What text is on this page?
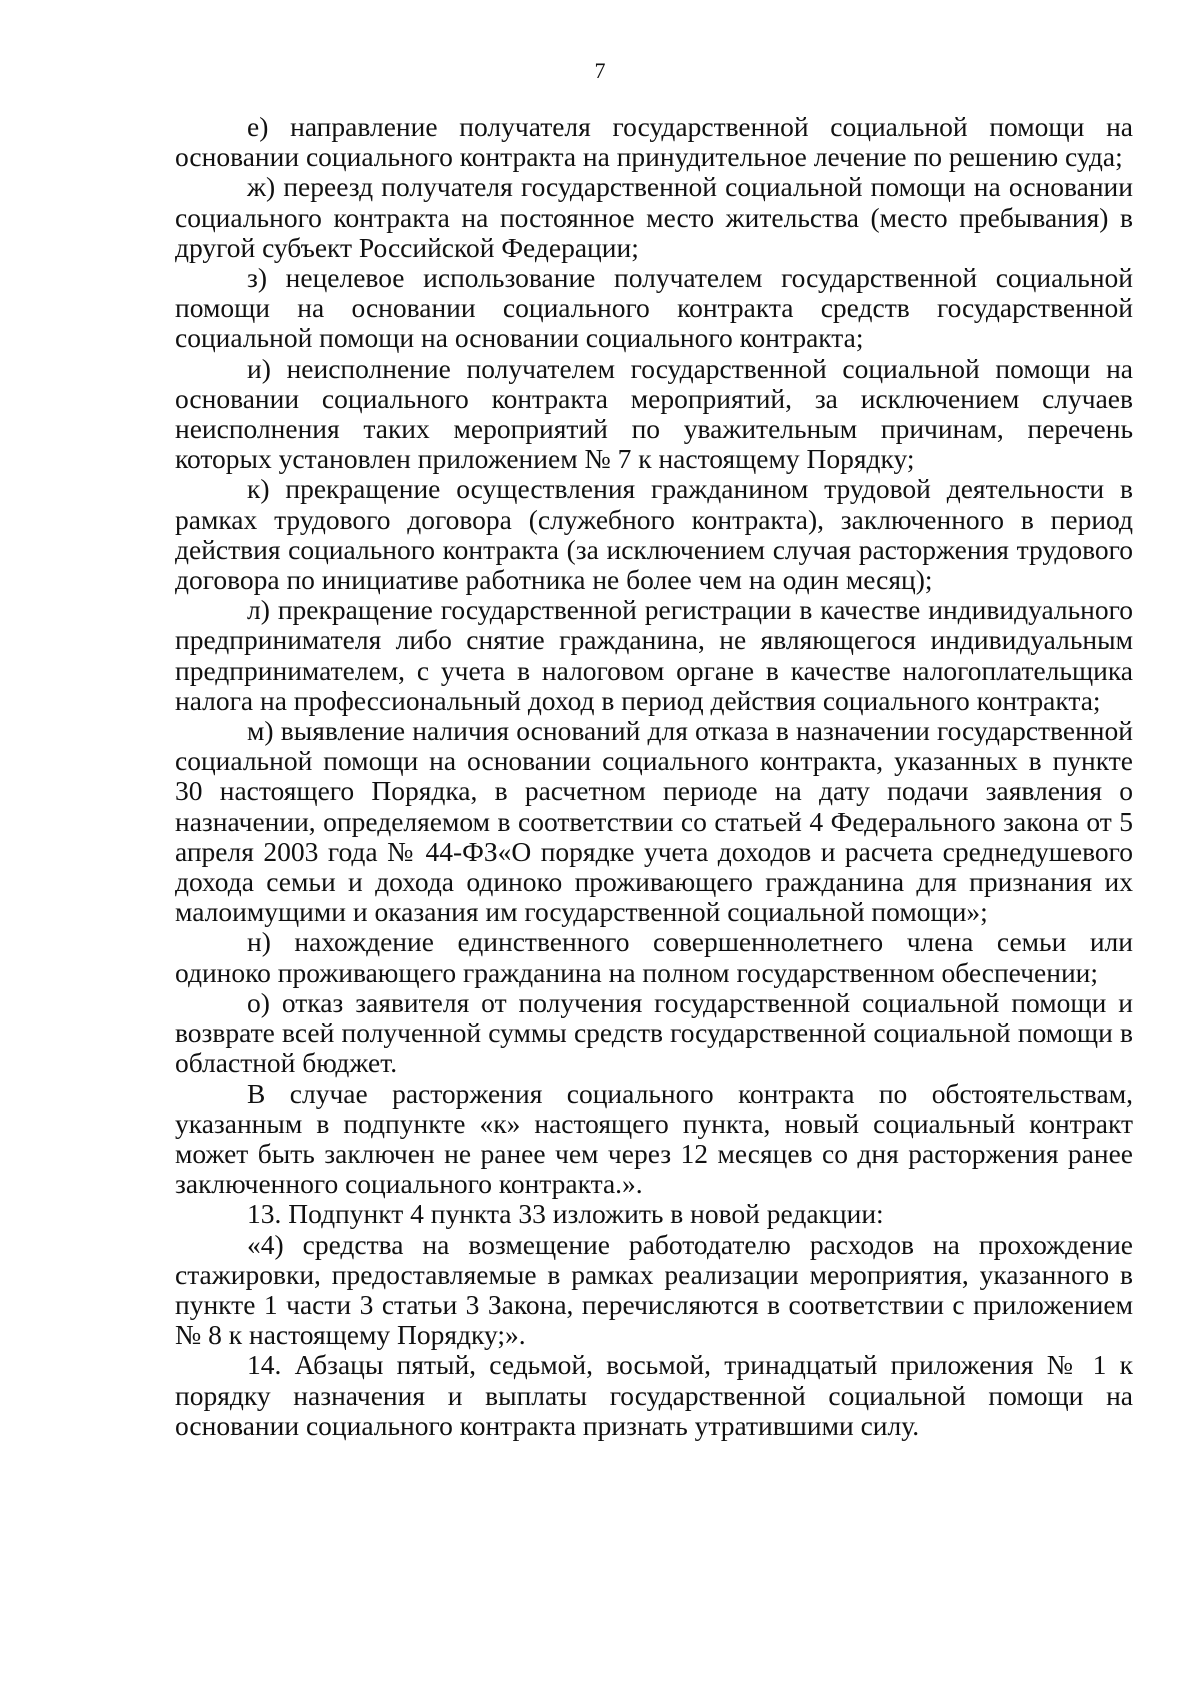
7

е) направление получателя государственной социальной помощи на основании социального контракта на принудительное лечение по решению суда;

ж) переезд получателя государственной социальной помощи на основании социального контракта на постоянное место жительства (место пребывания) в другой субъект Российской Федерации;

з) нецелевое использование получателем государственной социальной помощи на основании социального контракта средств государственной социальной помощи на основании социального контракта;

и) неисполнение получателем государственной социальной помощи на основании социального контракта мероприятий, за исключением случаев неисполнения таких мероприятий по уважительным причинам, перечень которых установлен приложением № 7 к настоящему Порядку;

к) прекращение осуществления гражданином трудовой деятельности в рамках трудового договора (служебного контракта), заключенного в период действия социального контракта (за исключением случая расторжения трудового договора по инициативе работника не более чем на один месяц);

л) прекращение государственной регистрации в качестве индивидуального предпринимателя либо снятие гражданина, не являющегося индивидуальным предпринимателем, с учета в налоговом органе в качестве налогоплательщика налога на профессиональный доход в период действия социального контракта;

м) выявление наличия оснований для отказа в назначении государственной социальной помощи на основании социального контракта, указанных в пункте 30 настоящего Порядка, в расчетном периоде на дату подачи заявления о назначении, определяемом в соответствии со статьей 4 Федерального закона от 5 апреля 2003 года № 44-ФЗ«О порядке учета доходов и расчета среднедушевого дохода семьи и дохода одиноко проживающего гражданина для признания их малоимущими и оказания им государственной социальной помощи»;

н) нахождение единственного совершеннолетнего члена семьи или одиноко проживающего гражданина на полном государственном обеспечении;

о) отказ заявителя от получения государственной социальной помощи и возврате всей полученной суммы средств государственной социальной помощи в областной бюджет.

В случае расторжения социального контракта по обстоятельствам, указанным в подпункте «к» настоящего пункта, новый социальный контракт может быть заключен не ранее чем через 12 месяцев со дня расторжения ранее заключенного социального контракта.».

13. Подпункт 4 пункта 33 изложить в новой редакции:

«4) средства на возмещение работодателю расходов на прохождение стажировки, предоставляемые в рамках реализации мероприятия, указанного в пункте 1 части 3 статьи 3 Закона, перечисляются в соответствии с приложением № 8 к настоящему Порядку;».

14. Абзацы пятый, седьмой, восьмой, тринадцатый приложения № 1 к порядку назначения и выплаты государственной социальной помощи на основании социального контракта признать утратившими силу.
